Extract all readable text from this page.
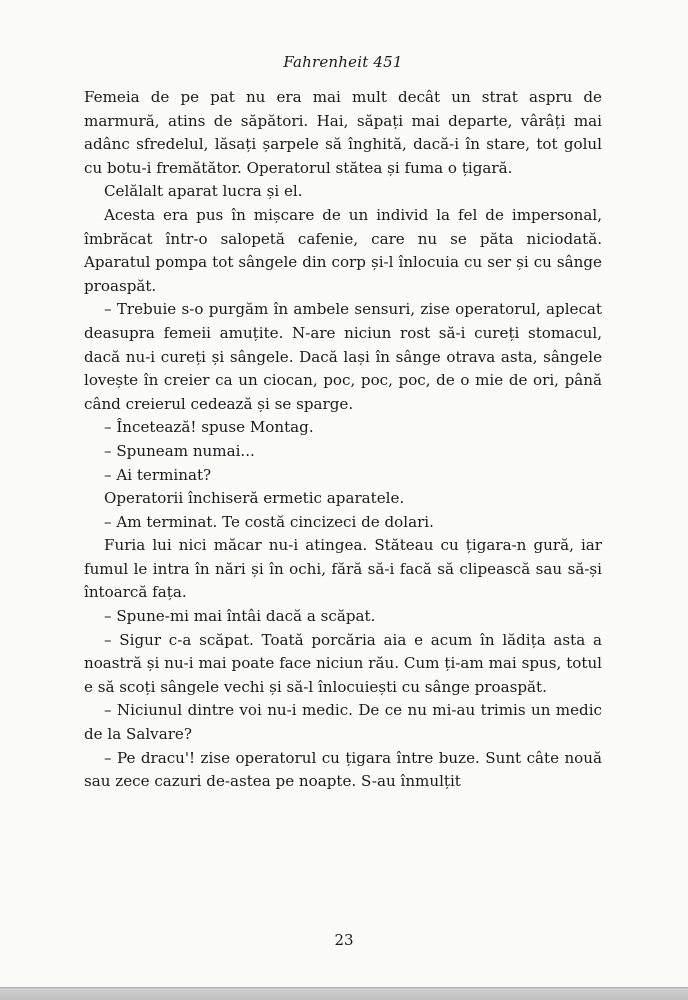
Fahrenheit 451

Femeia de pe pat nu era mai mult decât un strat aspru de marmură, atins de săpători. Hai, săpați mai departe, vârâți mai adânc sfredelul, lăsați șarpele să înghită, dacă-i în stare, tot golul cu botu-i fremătător. Operatorul stătea și fuma o țigară.

Celălalt aparat lucra și el.

Acesta era pus în mișcare de un individ la fel de impersonal, îmbrăcat într-o salopetă cafenie, care nu se păta niciodată. Aparatul pompa tot sângele din corp și-l înlocuia cu ser și cu sânge proaspăt.

– Trebuie s-o purgăm în ambele sensuri, zise operatorul, aplecat deasupra femeii amuțite. N-are niciun rost să-i cureți stomacul, dacă nu-i cureți și sângele. Dacă lași în sânge otrava asta, sângele lovește în creier ca un ciocan, poc, poc, poc, de o mie de ori, până când creierul cedează și se sparge.

– Încetează! spuse Montag.

– Spuneam numai...

– Ai terminat?

Operatorii închiseră ermetic aparatele.

– Am terminat. Te costă cincizeci de dolari.

Furia lui nici măcar nu-i atingea. Stăteau cu țigara-n gură, iar fumul le intra în nări și în ochi, fără să-i facă să clipească sau să-și întoarcă fața.

– Spune-mi mai întâi dacă a scăpat.

– Sigur c-a scăpat. Toată porcăria aia e acum în lădița asta a noastră și nu-i mai poate face niciun rău. Cum ți-am mai spus, totul e să scoți sângele vechi și să-l înlocuiești cu sânge proaspăt.

– Niciunul dintre voi nu-i medic. De ce nu mi-au trimis un medic de la Salvare?

– Pe dracu'! zise operatorul cu țigara între buze. Sunt câte nouă sau zece cazuri de-astea pe noapte. S-au înmulțit

23
